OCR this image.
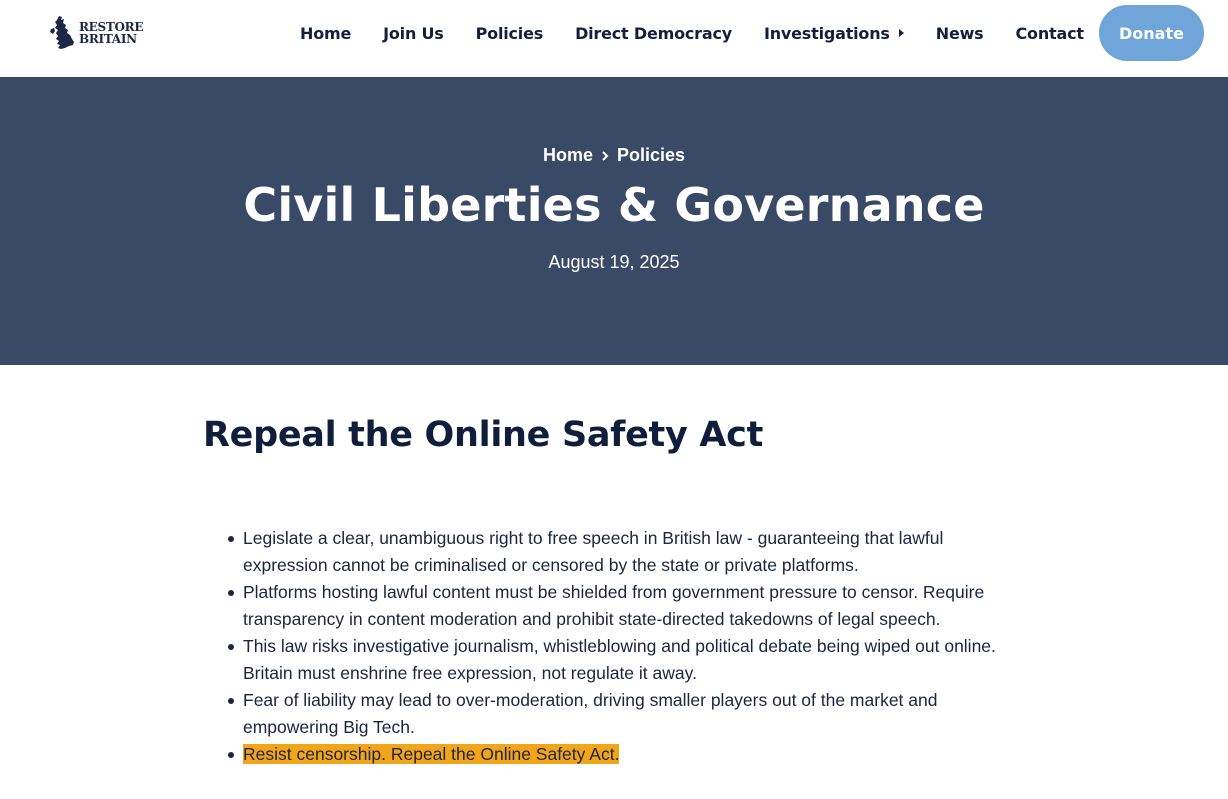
RESTORE
BRITAIN	Home Join Us Policies Direct Democracy Investigations	News Contact	Donate
Home Policies
Civil Liberties & Governance
August 19, 2025
Repeal the Online Safety Act
Legislate a clear, unambiguous right to free speech in British law - guaranteeing that lawful expression cannot be criminalised or censored by the state or private platforms.
Platforms hosting lawful content must be shielded from government pressure to censor. Require transparency in content moderation and prohibit state-directed takedowns of legal speech.
This law risks investigative journalism, whistleblowing and political debate being wiped out online. Britain must enshrine free expression, not regulate it away.
Fear of liability may lead to over-moderation, driving smaller players out of the market and empowering Big Tech.
Resist censorship. Repeal the Online Safety Act.
